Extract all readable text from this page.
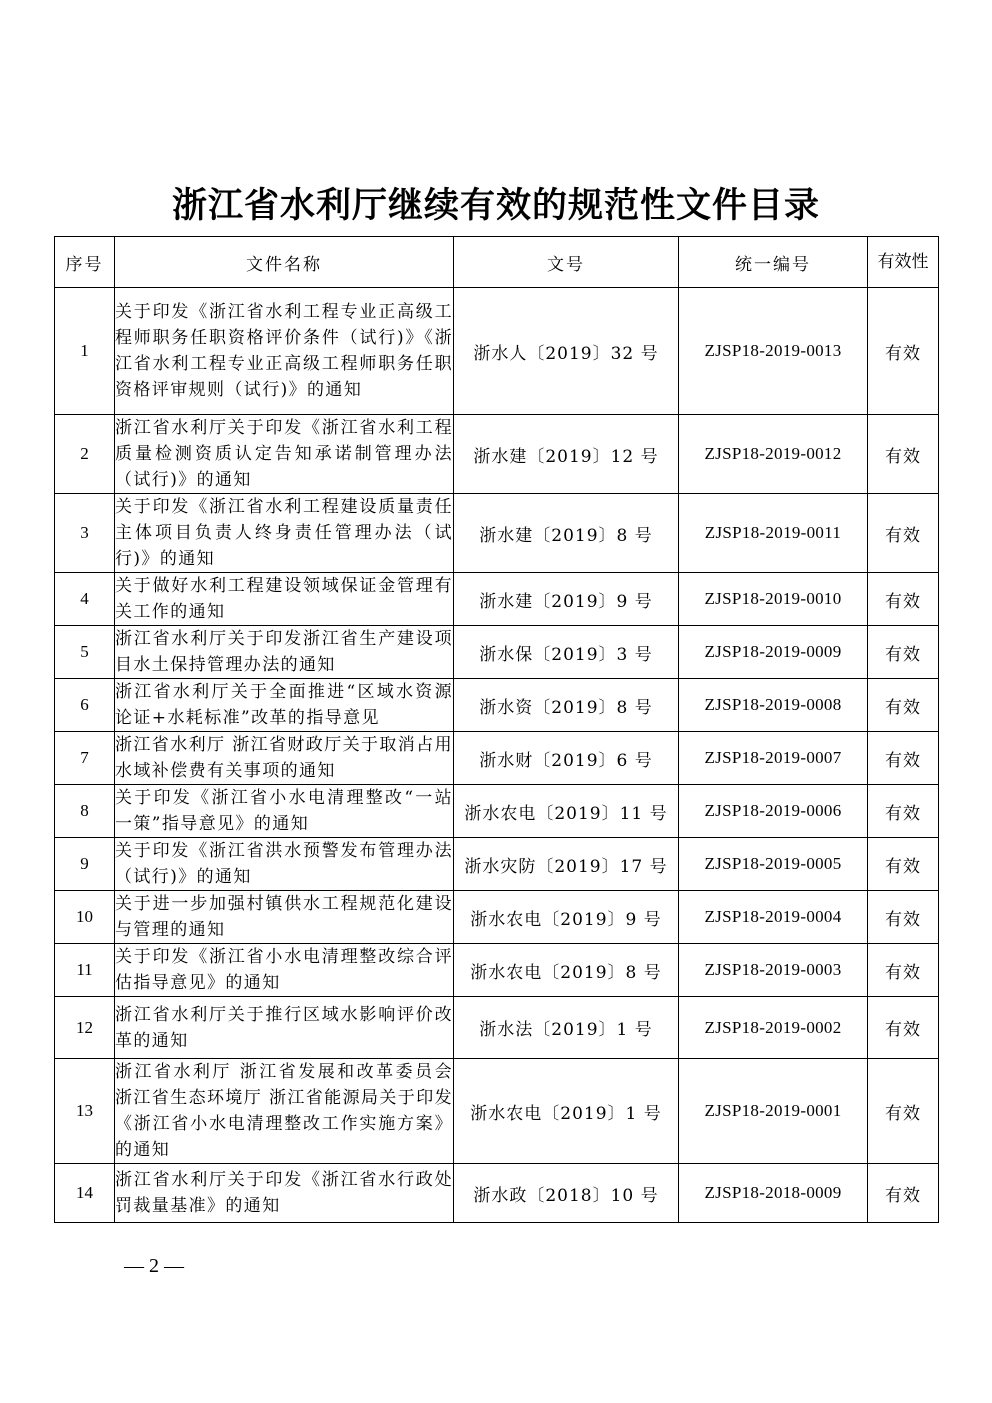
浙江省水利厅继续有效的规范性文件目录
序号	文件名称	文号	统一编号	有效性
1	关于印发《浙江省水利工程专业正高级工程师职务任职资格评价条件（试行)》《浙江省水利工程专业正高级工程师职务任职资格评审规则（试行)》的通知	浙水人〔2019〕32 号	ZJSP18-2019-0013	有效
2	浙江省水利厅关于印发《浙江省水利工程质量检测资质认定告知承诺制管理办法（试行)》的通知	浙水建〔2019〕12 号	ZJSP18-2019-0012	有效
3	关于印发《浙江省水利工程建设质量责任主体项目负责人终身责任管理办法（试行)》的通知	浙水建〔2019〕8 号	ZJSP18-2019-0011	有效
4	关于做好水利工程建设领域保证金管理有关工作的通知	浙水建〔2019〕9 号	ZJSP18-2019-0010	有效
5	浙江省水利厅关于印发浙江省生产建设项目水土保持管理办法的通知	浙水保〔2019〕3 号	ZJSP18-2019-0009	有效
6	浙江省水利厅关于全面推进“区域水资源论证+水耗标准”改革的指导意见	浙水资〔2019〕8 号	ZJSP18-2019-0008	有效
7	浙江省水利厅 浙江省财政厅关于取消占用水域补偿费有关事项的通知	浙水财〔2019〕6 号	ZJSP18-2019-0007	有效
8	关于印发《浙江省小水电清理整改“一站一策”指导意见》的通知	浙水农电〔2019〕11 号	ZJSP18-2019-0006	有效
9	关于印发《浙江省洪水预警发布管理办法（试行)》的通知	浙水灾防〔2019〕17 号	ZJSP18-2019-0005	有效
10	关于进一步加强村镇供水工程规范化建设与管理的通知	浙水农电〔2019〕9 号	ZJSP18-2019-0004	有效
11	关于印发《浙江省小水电清理整改综合评估指导意见》的通知	浙水农电〔2019〕8 号	ZJSP18-2019-0003	有效
12	浙江省水利厅关于推行区域水影响评价改革的通知	浙水法〔2019〕1 号	ZJSP18-2019-0002	有效
13	浙江省水利厅 浙江省发展和改革委员会 浙江省生态环境厅 浙江省能源局关于印发《浙江省小水电清理整改工作实施方案》的通知	浙水农电〔2019〕1 号	ZJSP18-2019-0001	有效
14	浙江省水利厅关于印发《浙江省水行政处罚裁量基准》的通知	浙水政〔2018〕10 号	ZJSP18-2018-0009	有效
— 2 —
